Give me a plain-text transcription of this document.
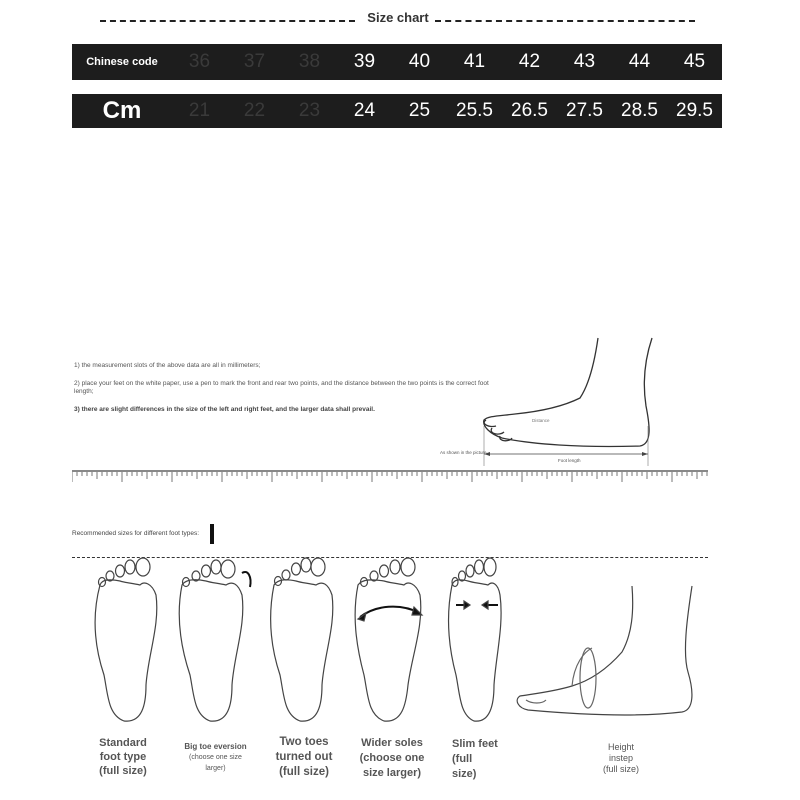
Size chart
Chinese code	36	37	38	39	40	41	42	43	44	45
Cm	21	22	23	24	25	25.5 26.5 27.5 28.5 29.5

1) the measurement slots of the above data are all in millimeters;

2) place your feet on the white paper, use a pen to mark the front and rear two points, and the distance between the two points is the correct foot length;

3) there are slight differences in the size of the left and right feet, and the larger data shall prevail.

As shown in the picture
Foot length
Distance
Recommended sizes for different foot types:
Standard
foot type
(full size)
Big toe eversion
(choose one size
larger)
Two toes
turned out
(full size)
Wider soles
(choose one
size larger)
Slim feet
(full
size)
Height
instep
(full size)
